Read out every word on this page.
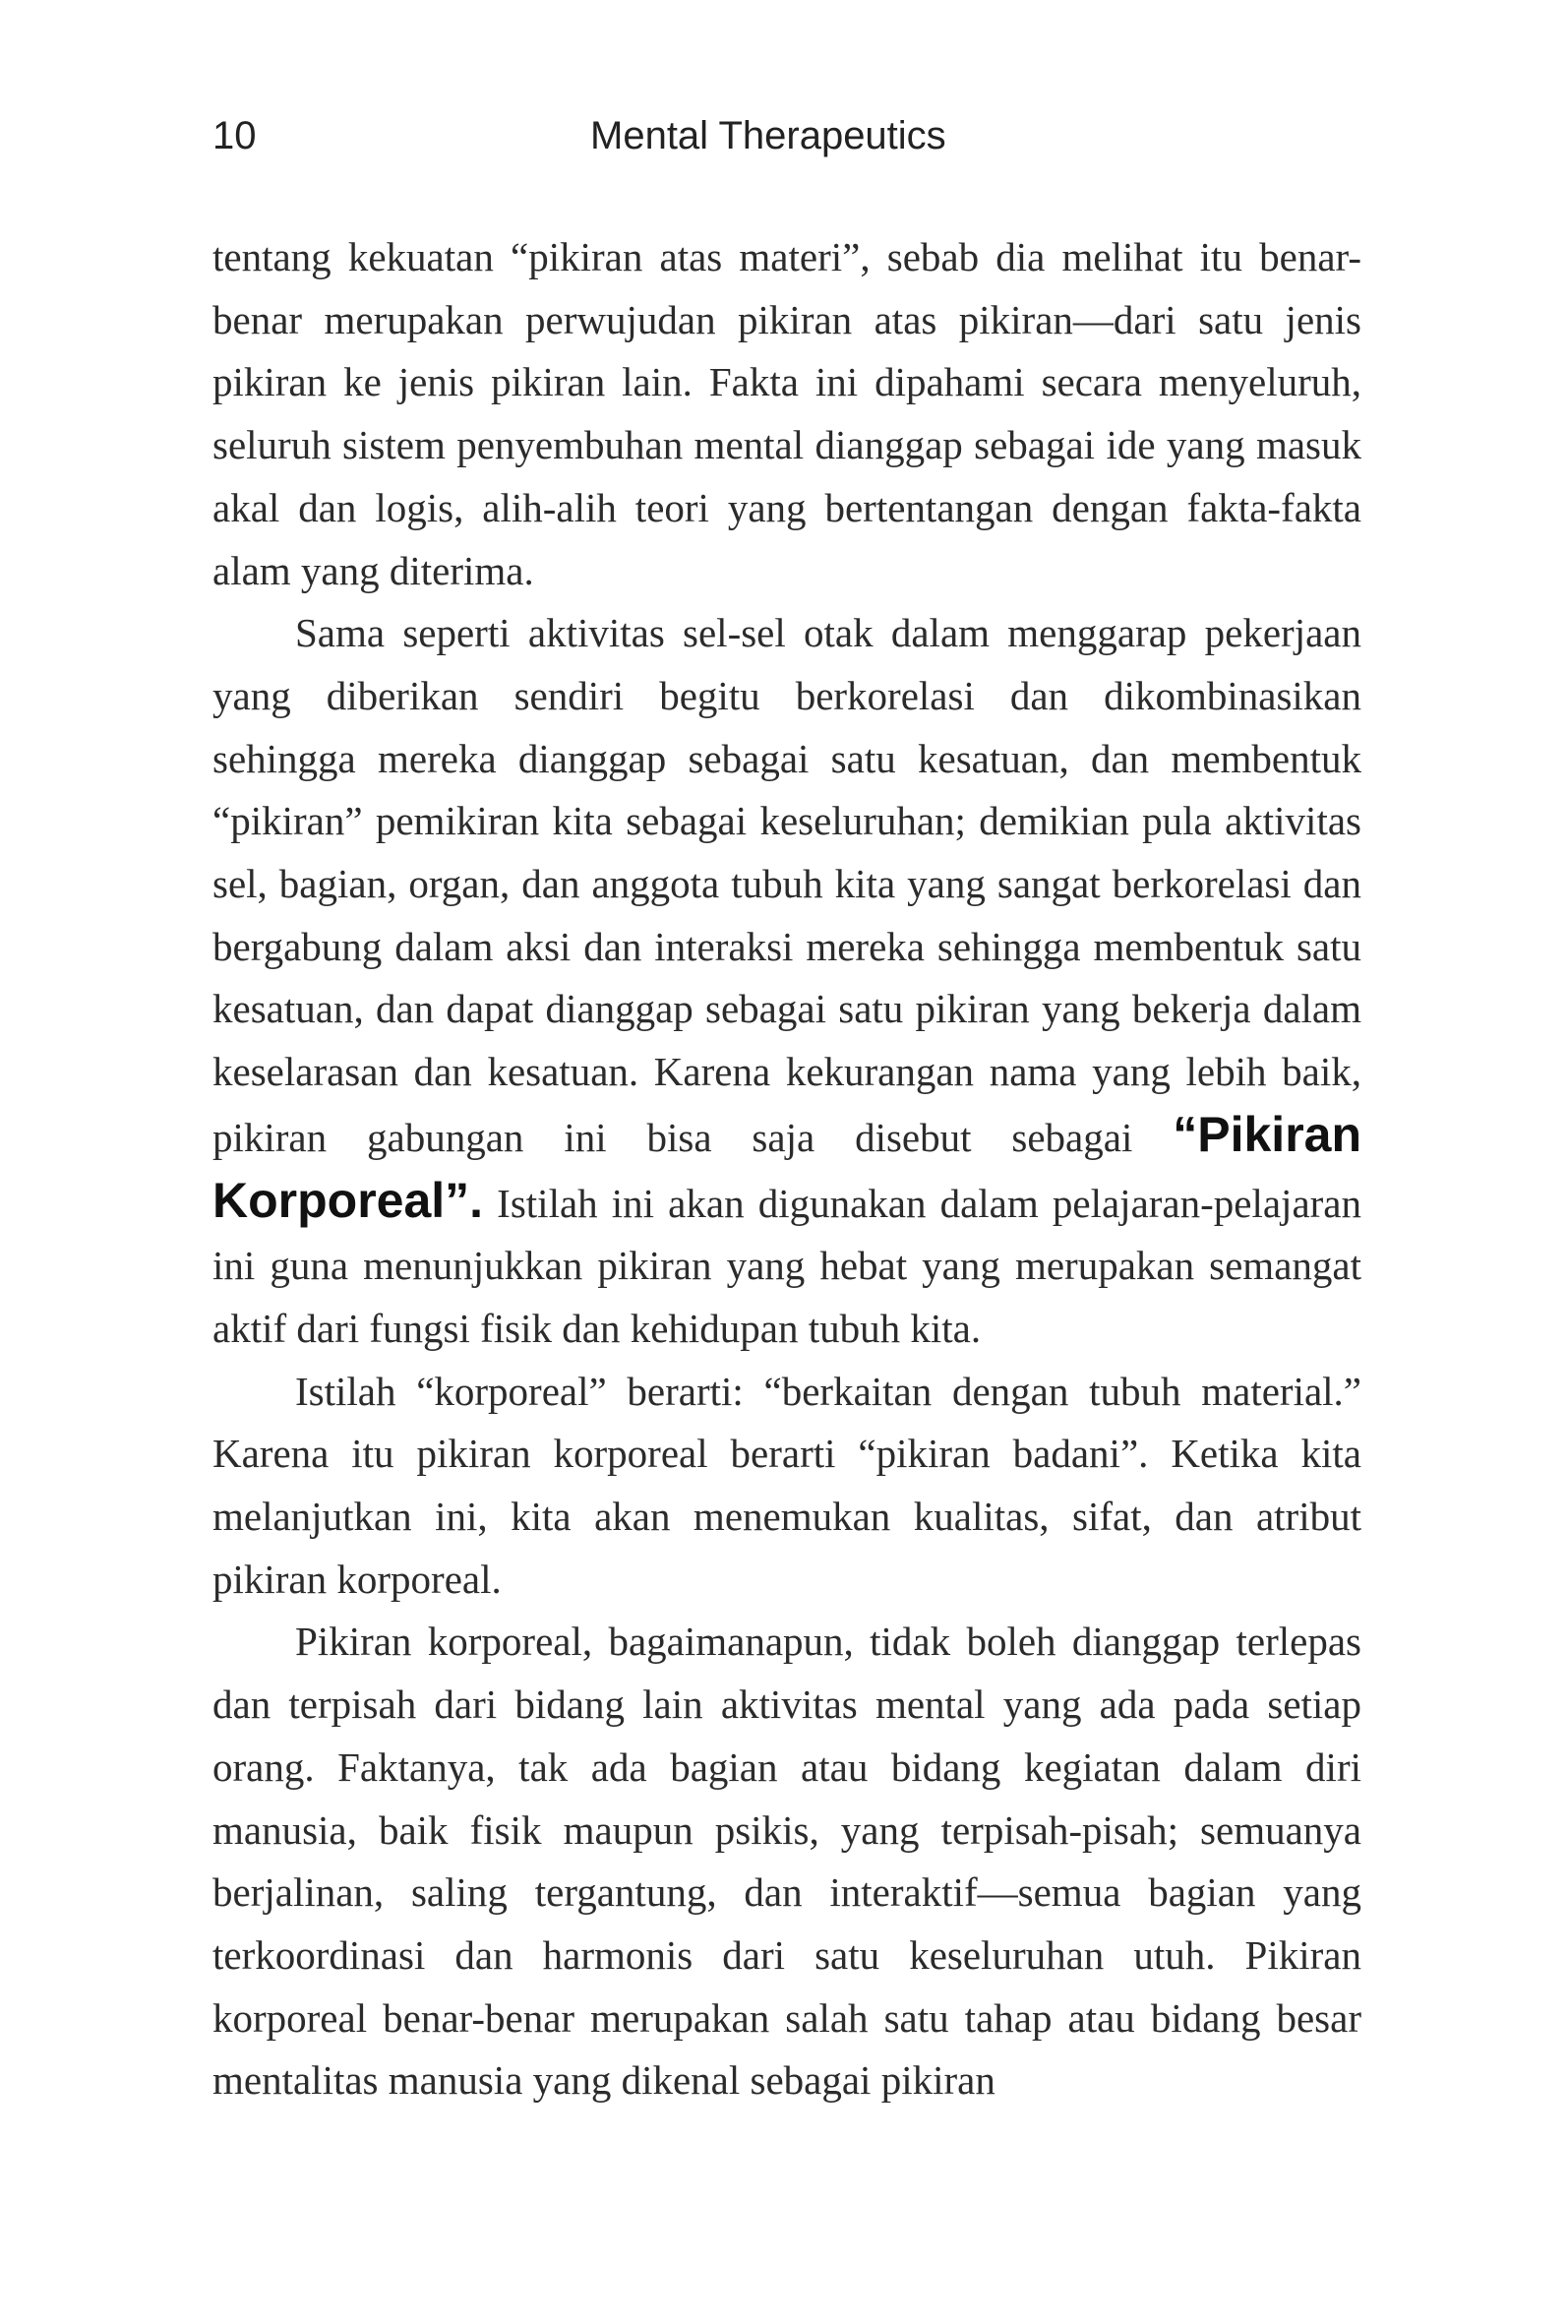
10	Mental Therapeutics

tentang kekuatan “pikiran atas materi”, sebab dia melihat itu benar-benar merupakan perwujudan pikiran atas pikiran—dari satu jenis pikiran ke jenis pikiran lain. Fakta ini dipahami secara menyeluruh, seluruh sistem penyembuhan mental dianggap sebagai ide yang masuk akal dan logis, alih-alih teori yang bertentangan dengan fakta-fakta alam yang diterima.

Sama seperti aktivitas sel-sel otak dalam menggarap pekerjaan yang diberikan sendiri begitu berkorelasi dan dikombinasikan sehingga mereka dianggap sebagai satu kesatuan, dan membentuk “pikiran” pemikiran kita sebagai keseluruhan; demikian pula aktivitas sel, bagian, organ, dan anggota tubuh kita yang sangat berkorelasi dan bergabung dalam aksi dan interaksi mereka sehingga membentuk satu kesatuan, dan dapat dianggap sebagai satu pikiran yang bekerja dalam keselarasan dan kesatuan. Karena kekurangan nama yang lebih baik, pikiran gabungan ini bisa saja disebut sebagai “Pikiran Korporeal”. Istilah ini akan digunakan dalam pelajaran-pelajaran ini guna menunjukkan pikiran yang hebat yang merupakan semangat aktif dari fungsi fisik dan kehidupan tubuh kita.

Istilah “korporeal” berarti: “berkaitan dengan tubuh material.” Karena itu pikiran korporeal berarti “pikiran badani”. Ketika kita melanjutkan ini, kita akan menemukan kualitas, sifat, dan atribut pikiran korporeal.

Pikiran korporeal, bagaimanapun, tidak boleh dianggap terlepas dan terpisah dari bidang lain aktivitas mental yang ada pada setiap orang. Faktanya, tak ada bagian atau bidang kegiatan dalam diri manusia, baik fisik maupun psikis, yang terpisah-pisah; semuanya berjalinan, saling tergantung, dan interaktif—semua bagian yang terkoordinasi dan harmonis dari satu keseluruhan utuh. Pikiran korporeal benar-benar merupakan salah satu tahap atau bidang besar mentalitas manusia yang dikenal sebagai pikiran
